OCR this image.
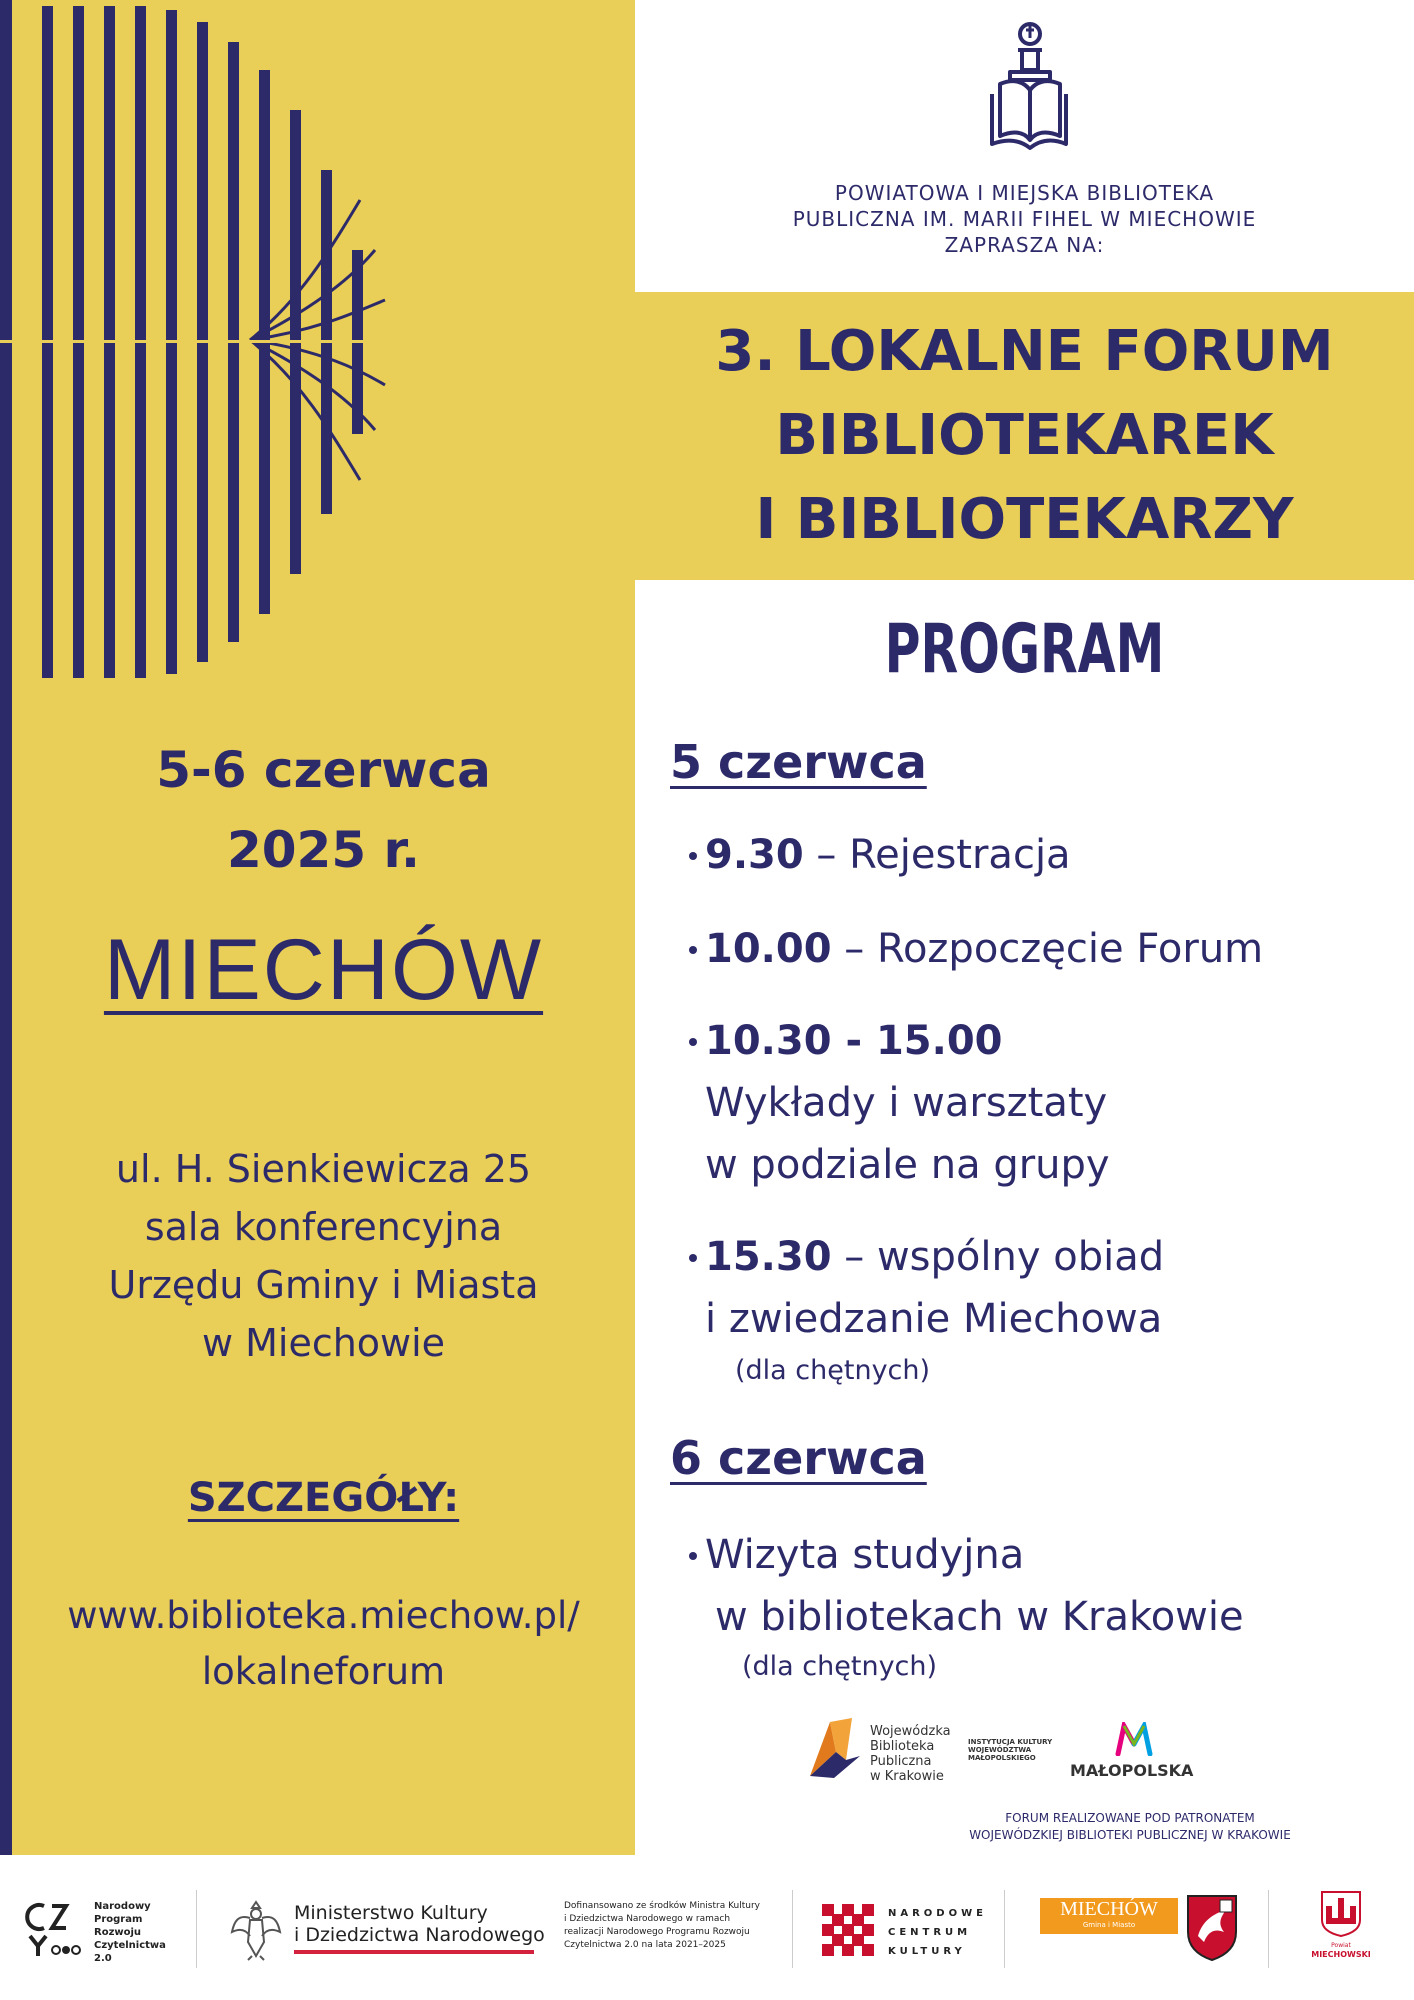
5-6 czerwca
2025 r.
MIECHÓW
ul. H. Sienkiewicza 25
sala konferencyjna
Urzędu Gminy i Miasta
w Miechowie
SZCZEGÓŁY:
www.biblioteka.miechow.pl/
lokalneforum
POWIATOWA I MIEJSKA BIBLIOTEKA
PUBLICZNA IM. MARII FIHEL W MIECHOWIE
ZAPRASZA NA:
3. LOKALNE FORUM
BIBLIOTEKAREK
I BIBLIOTEKARZY
PROGRAM
5 czerwca
9.30 – Rejestracja
10.00 – Rozpoczęcie Forum
10.30 - 15.00
Wykłady i warsztaty
w podziale na grupy
15.30 – wspólny obiad
i zwiedzanie Miechowa
(dla chętnych)
6 czerwca
Wizyta studyjna
w bibliotekach w Krakowie
(dla chętnych)
Wojewódzka
Biblioteka
Publiczna
w Krakowie
INSTYTUCJA KULTURY
WOJEWÓDZTWA
MAŁOPOLSKIEGO
MAŁOPOLSKA
FORUM REALIZOWANE POD PATRONATEM
WOJEWÓDZKIEJ BIBLIOTEKI PUBLICZNEJ W KRAKOWIE
Narodowy
Program
Rozwoju
Czytelnictwa
2.0
Ministerstwo Kultury
i Dziedzictwa Narodowego
Dofinansowano ze środków Ministra Kultury
i Dziedzictwa Narodowego w ramach
realizacji Narodowego Programu Rozwoju
Czytelnictwa 2.0 na lata 2021–2025
NARODOWE
CENTRUM
KULTURY
MIECHÓW
Gmina i Miasto
Powiat
MIECHOWSKI
